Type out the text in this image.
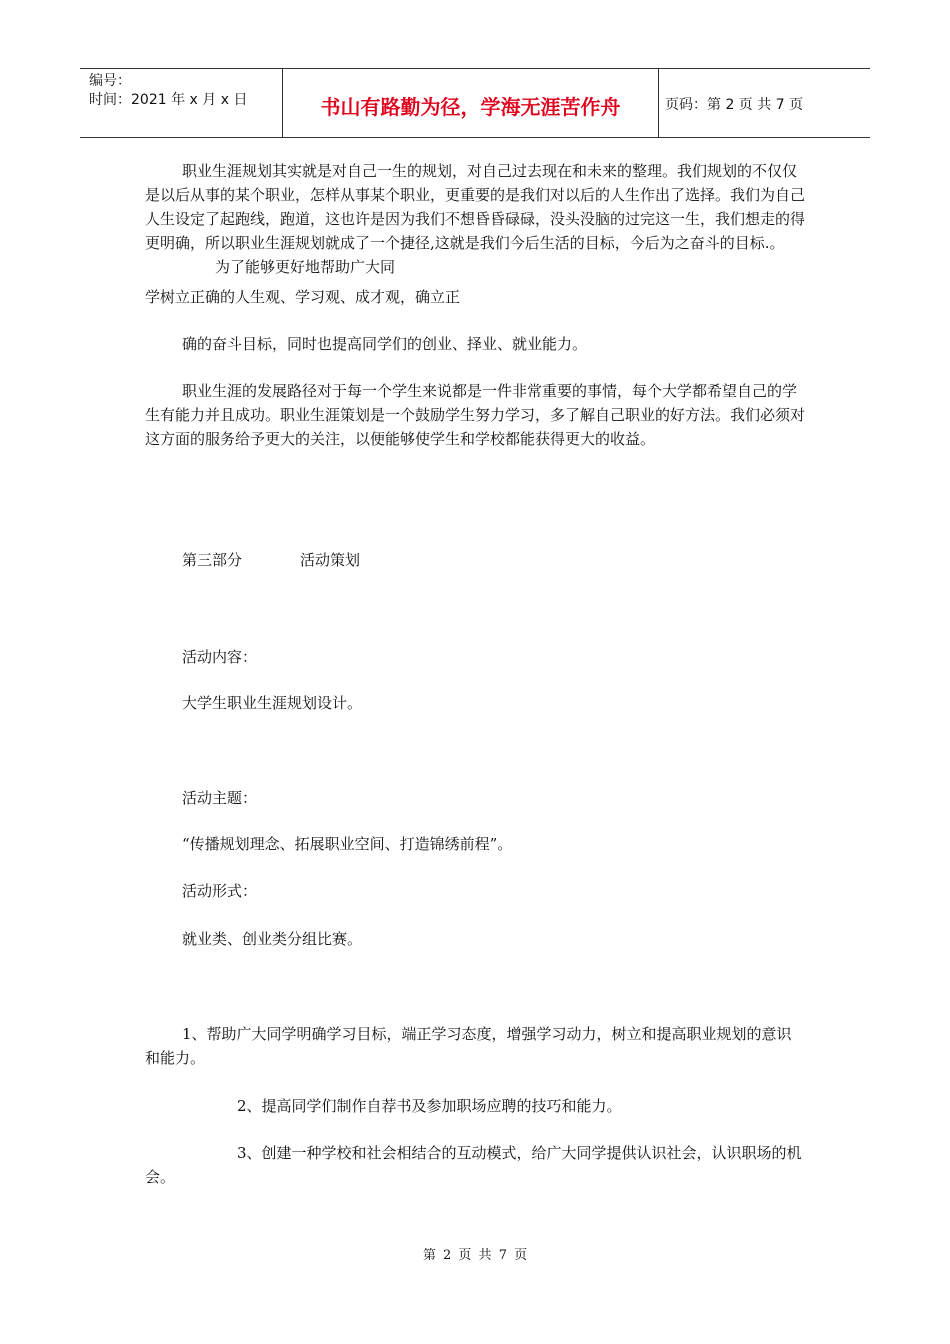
编号：
时间：2021 年 x 月 x 日	书山有路勤为径，学海无涯苦作舟	页码：第 2 页 共 7 页

职业生涯规划其实就是对自己一生的规划，对自己过去现在和未来的整理。我们规划的不仅仅是以后从事的某个职业，怎样从事某个职业，更重要的是我们对以后的人生作出了选择。我们为自己人生设定了起跑线，跑道，这也许是因为我们不想昏昏碌碌，没头没脑的过完这一生，我们想走的得更明确，所以职业生涯规划就成了一个捷径,这就是我们今后生活的目标，今后为之奋斗的目标.。为了能够更好地帮助广大同

学树立正确的人生观、学习观、成才观，确立正

确的奋斗目标，同时也提高同学们的创业、择业、就业能力。

职业生涯的发展路径对于每一个学生来说都是一件非常重要的事情，每个大学都希望自己的学生有能力并且成功。职业生涯策划是一个鼓励学生努力学习，多了解自己职业的好方法。我们必须对这方面的服务给予更大的关注，以便能够使学生和学校都能获得更大的收益。

第三部分	活动策划
活动内容：
大学生职业生涯规划设计。
活动主题：
“传播规划理念、拓展职业空间、打造锦绣前程”。
活动形式：
就业类、创业类分组比赛。

1、帮助广大同学明确学习目标，端正学习态度，增强学习动力，树立和提高职业规划的意识和能力。

2、提高同学们制作自荐书及参加职场应聘的技巧和能力。

3、创建一种学校和社会相结合的互动模式，给广大同学提供认识社会，认识职场的机会。

第 2 页 共 7 页
